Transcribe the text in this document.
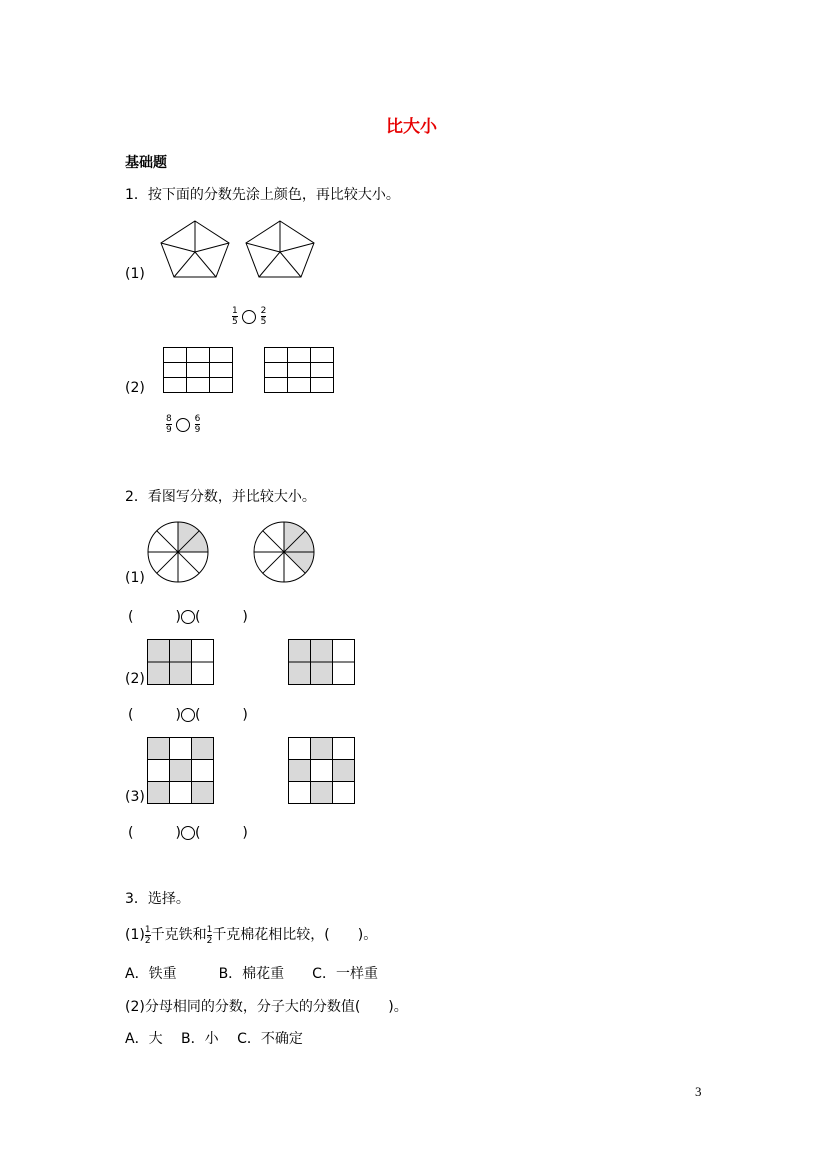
比大小
基础题
1．按下面的分数先涂上颜色，再比较大小。
(1)
$\frac{1}{5}$
	$\frac{2}{5}$
(2)
$\frac{8}{9}$
	$\frac{6}{9}$
2．看图写分数，并比较大小。
(1)
(　　　) (　　　)
(2)
(　　　) (　　　)
(3)
(　　　) (　　　)
3．选择。
$(1) \frac{1}{2}$ 千克铁和 $\frac{1}{2}$ 千克棉花相比较，(　　)。
A．铁重　　　B．棉花重　　C．一样重
(2)分母相同的分数，分子大的分数值(　　)。
A．大　 B．小　 C．不确定
3
